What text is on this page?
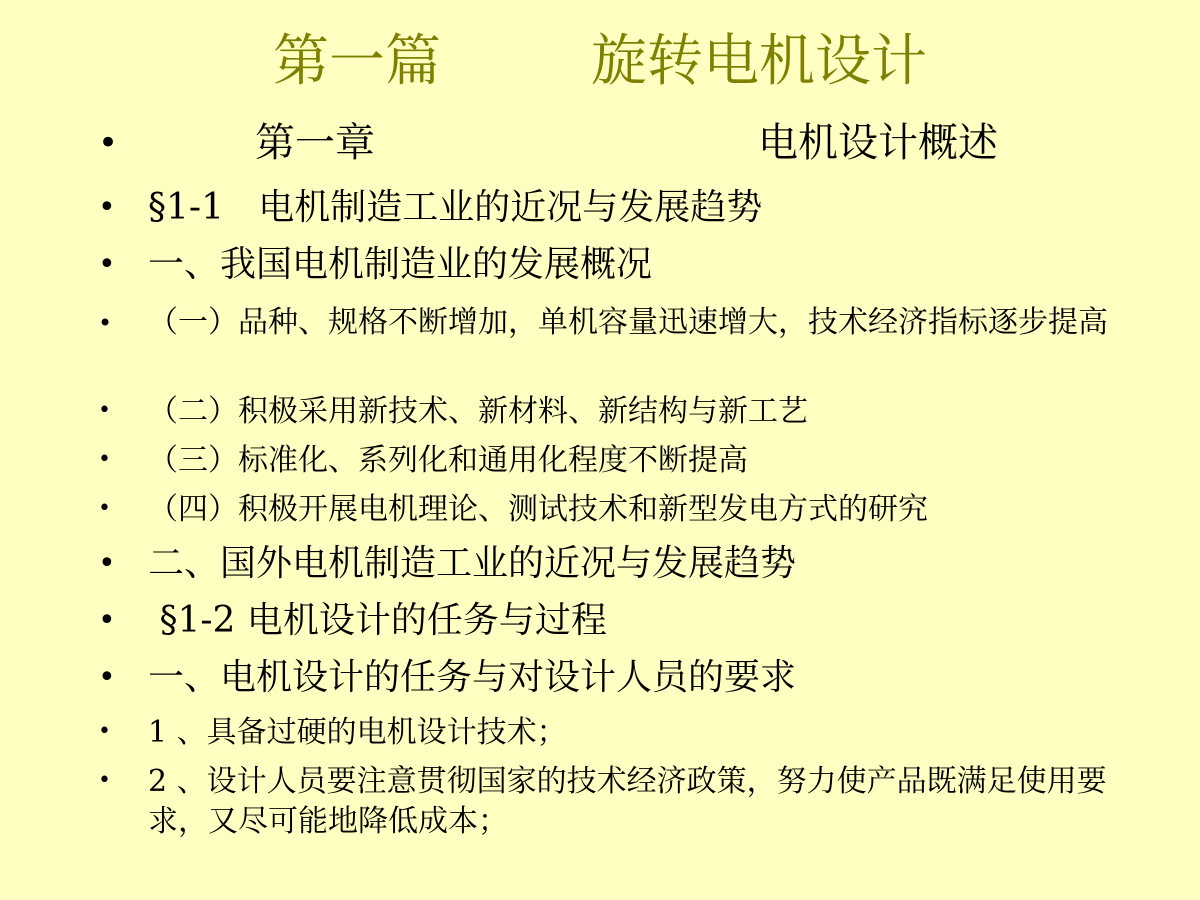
第一篇	旋转电机设计
•	第一章	电机设计概述
• §1-1   电机制造工业的近况与发展趋势
• 一、我国电机制造业的发展概况
• （一）品种、规格不断增加，单机容量迅速增大，技术经济指标逐步提高
• （二）积极采用新技术、新材料、新结构与新工艺
• （三）标准化、系列化和通用化程度不断提高
• （四）积极开展电机理论、测试技术和新型发电方式的研究
• 二、国外电机制造工业的近况与发展趋势
• §1-2 电机设计的任务与过程
• 一、电机设计的任务与对设计人员的要求
• 1 、具备过硬的电机设计技术；
• 2 、设计人员要注意贯彻国家的技术经济政策，努力使产品既满足使用要求，又尽可能地降低成本；
